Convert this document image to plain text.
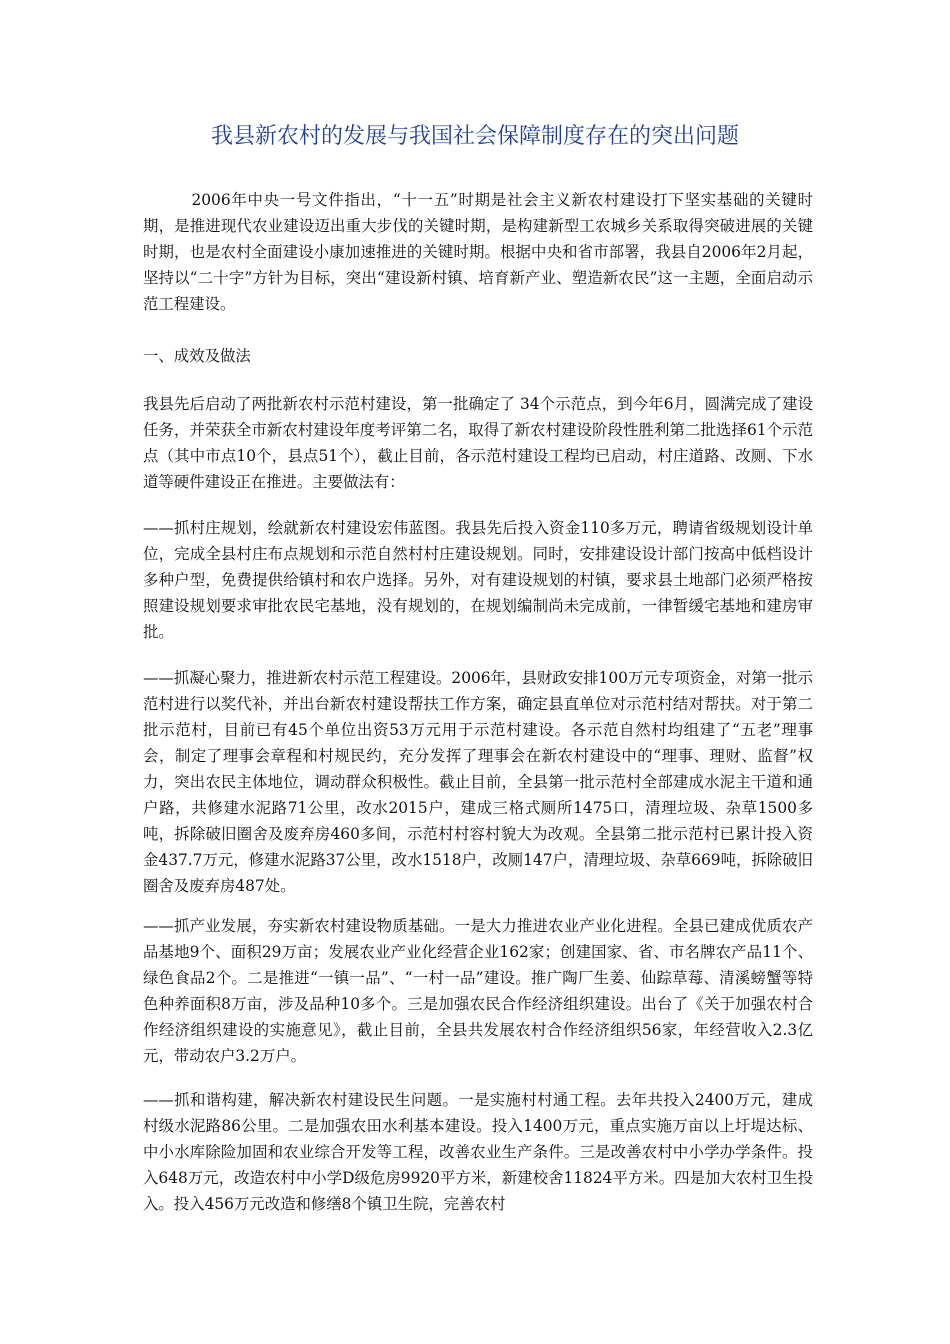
我县新农村的发展与我国社会保障制度存在的突出问题
　　　2006年中央一号文件指出，“十一五”时期是社会主义新农村建设打下坚实基础的关键时期，是推进现代农业建设迈出重大步伐的关键时期，是构建新型工农城乡关系取得突破进展的关键时期，也是农村全面建设小康加速推进的关键时期。根据中央和省市部署，我县自2006年2月起，坚持以“二十字”方针为目标，突出“建设新村镇、培育新产业、塑造新农民”这一主题，全面启动示范工程建设。
一、成效及做法
我县先后启动了两批新农村示范村建设，第一批确定了 34个示范点，到今年6月，圆满完成了建设任务，并荣获全市新农村建设年度考评第二名，取得了新农村建设阶段性胜利第二批选择61个示范点（其中市点10个，县点51个），截止目前，各示范村建设工程均已启动，村庄道路、改厕、下水道等硬件建设正在推进。主要做法有：
——抓村庄规划，绘就新农村建设宏伟蓝图。我县先后投入资金110多万元，聘请省级规划设计单位，完成全县村庄布点规划和示范自然村村庄建设规划。同时，安排建设设计部门按高中低档设计多种户型，免费提供给镇村和农户选择。另外，对有建设规划的村镇，要求县土地部门必须严格按照建设规划要求审批农民宅基地，没有规划的，在规划编制尚未完成前，一律暂缓宅基地和建房审批。
——抓凝心聚力，推进新农村示范工程建设。2006年，县财政安排100万元专项资金，对第一批示范村进行以奖代补，并出台新农村建设帮扶工作方案，确定县直单位对示范村结对帮扶。对于第二批示范村，目前已有45个单位出资53万元用于示范村建设。各示范自然村均组建了“五老”理事会，制定了理事会章程和村规民约，充分发挥了理事会在新农村建设中的“理事、理财、监督”权力，突出农民主体地位，调动群众积极性。截止目前，全县第一批示范村全部建成水泥主干道和通户路，共修建水泥路71公里，改水2015户，建成三格式厕所1475口，清理垃圾、杂草1500多吨，拆除破旧圈舍及废弃房460多间，示范村村容村貌大为改观。全县第二批示范村已累计投入资金437.7万元，修建水泥路37公里，改水1518户，改厕147户，清理垃圾、杂草669吨，拆除破旧圈舍及废弃房487处。
——抓产业发展，夯实新农村建设物质基础。一是大力推进农业产业化进程。全县已建成优质农产品基地9个、面积29万亩；发展农业产业化经营企业162家；创建国家、省、市名牌农产品11个、绿色食品2个。二是推进“一镇一品”、“一村一品”建设。推广陶厂生姜、仙踪草莓、清溪螃蟹等特色种养面积8万亩，涉及品种10多个。三是加强农民合作经济组织建设。出台了《关于加强农村合作经济组织建设的实施意见》，截止目前，全县共发展农村合作经济组织56家，年经营收入2.3亿元，带动农户3.2万户。
——抓和谐构建，解决新农村建设民生问题。一是实施村村通工程。去年共投入2400万元，建成村级水泥路86公里。二是加强农田水利基本建设。投入1400万元，重点实施万亩以上圩堤达标、中小水库除险加固和农业综合开发等工程，改善农业生产条件。三是改善农村中小学办学条件。投入648万元，改造农村中小学D级危房9920平方米，新建校舍11824平方米。四是加大农村卫生投入。投入456万元改造和修缮8个镇卫生院，完善农村
